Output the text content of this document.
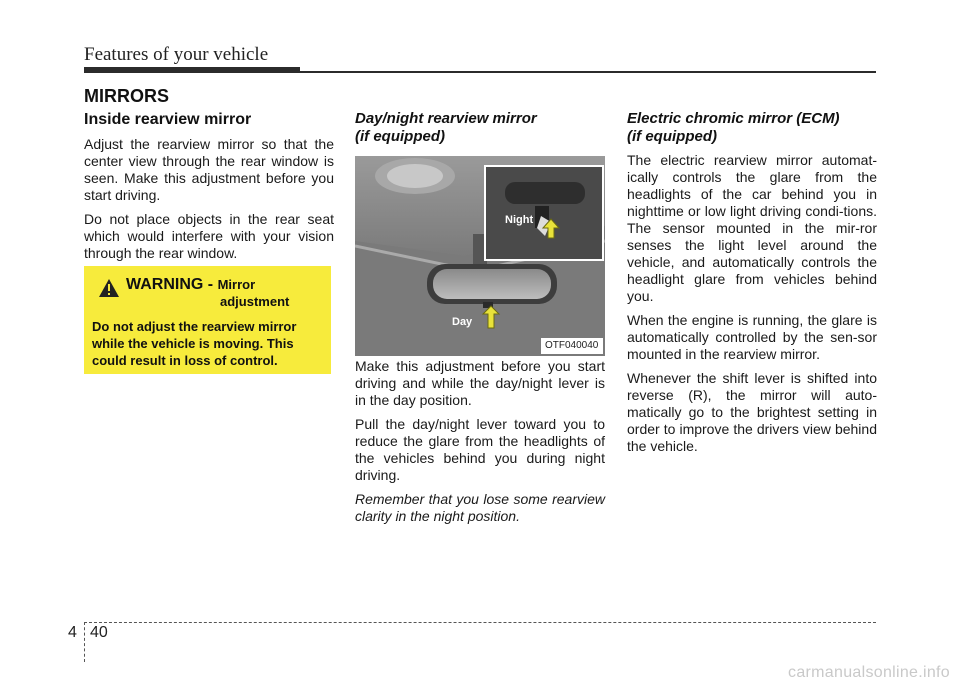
Features of your vehicle
MIRRORS
Inside rearview mirror

Adjust the rearview mirror so that the center view through the rear window is seen. Make this adjustment before you start driving.

Do not place objects in the rear seat which would interfere with your vision through the rear window.

WARNING - Mirror
adjustment
Do not adjust the rearview mirror while the vehicle is moving. This could result in loss of control.
Day/night rearview mirror
(if equipped)
Night
Day
OTF040040

Make this adjustment before you start driving and while the day/night lever is in the day position.

Pull the day/night lever toward you to reduce the glare from the headlights of the vehicles behind you during night driving.

Remember that you lose some rearview clarity in the night position.

Electric chromic mirror (ECM)
(if equipped)

The electric rearview mirror automat-ically controls the glare from the headlights of the car behind you in nighttime or low light driving condi-tions. The sensor mounted in the mir-ror senses the light level around the vehicle, and automatically controls the headlight glare from vehicles behind you.

When the engine is running, the glare is automatically controlled by the sen-sor mounted in the rearview mirror.

Whenever the shift lever is shifted into reverse (R), the mirror will auto-matically go to the brightest setting in order to improve the drivers view behind the vehicle.

4 40
carmanualsonline.info
